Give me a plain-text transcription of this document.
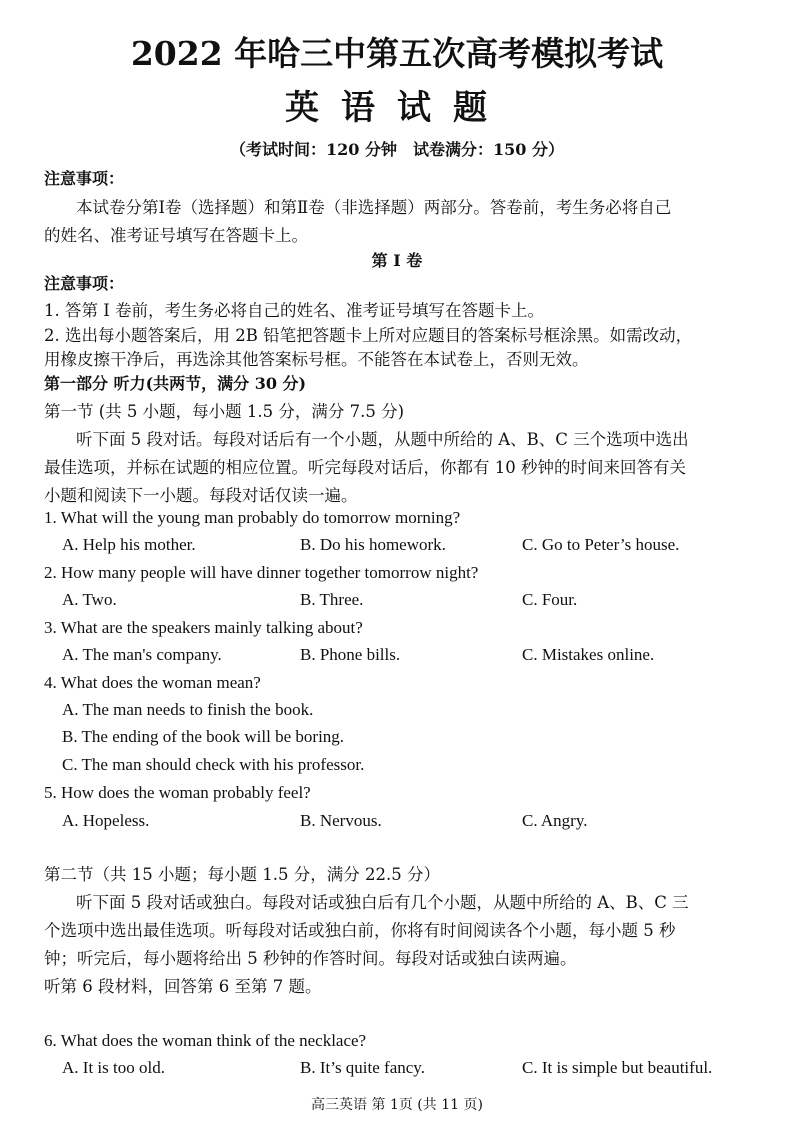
2022 年哈三中第五次高考模拟考试
英语试题
（考试时间：120 分钟　试卷满分：150 分）
注意事项：
本试卷分第Ⅰ卷（选择题）和第Ⅱ卷（非选择题）两部分。答卷前，考生务必将自己
的姓名、准考证号填写在答题卡上。
第 I 卷
注意事项：
1. 答第 I 卷前，考生务必将自己的姓名、准考证号填写在答题卡上。
2. 选出每小题答案后，用 2B 铅笔把答题卡上所对应题目的答案标号框涂黑。如需改动，
用橡皮擦干净后，再选涂其他答案标号框。不能答在本试卷上，否则无效。
第一部分 听力(共两节，满分 30 分)
第一节 (共 5 小题，每小题 1.5 分，满分 7.5 分)
听下面 5 段对话。每段对话后有一个小题，从题中所给的 A、B、C 三个选项中选出
最佳选项，并标在试题的相应位置。听完每段对话后，你都有 10 秒钟的时间来回答有关
小题和阅读下一小题。每段对话仅读一遍。
1. What will the young man probably do tomorrow morning?
A. Help his mother.	B. Do his homework.	C. Go to Peter’s house.
2. How many people will have dinner together tomorrow night?
A. Two.	B. Three.	C. Four.
3. What are the speakers mainly talking about?
A. The man's company.	B. Phone bills.	C. Mistakes online.
4. What does the woman mean?
A. The man needs to finish the book.
B. The ending of the book will be boring.
C. The man should check with his professor.
5. How does the woman probably feel?
A. Hopeless.	B. Nervous.	C. Angry.
第二节（共 15 小题；每小题 1.5 分，满分 22.5 分）
听下面 5 段对话或独白。每段对话或独白后有几个小题，从题中所给的 A、B、C 三
个选项中选出最佳选项。听每段对话或独白前，你将有时间阅读各个小题，每小题 5 秒
钟；听完后，每小题将给出 5 秒钟的作答时间。每段对话或独白读两遍。
听第 6 段材料，回答第 6 至第 7 题。
6. What does the woman think of the necklace?
A. It is too old.	B. It’s quite fancy.	C. It is simple but beautiful.
高三英语 第 1页 (共 11 页)
